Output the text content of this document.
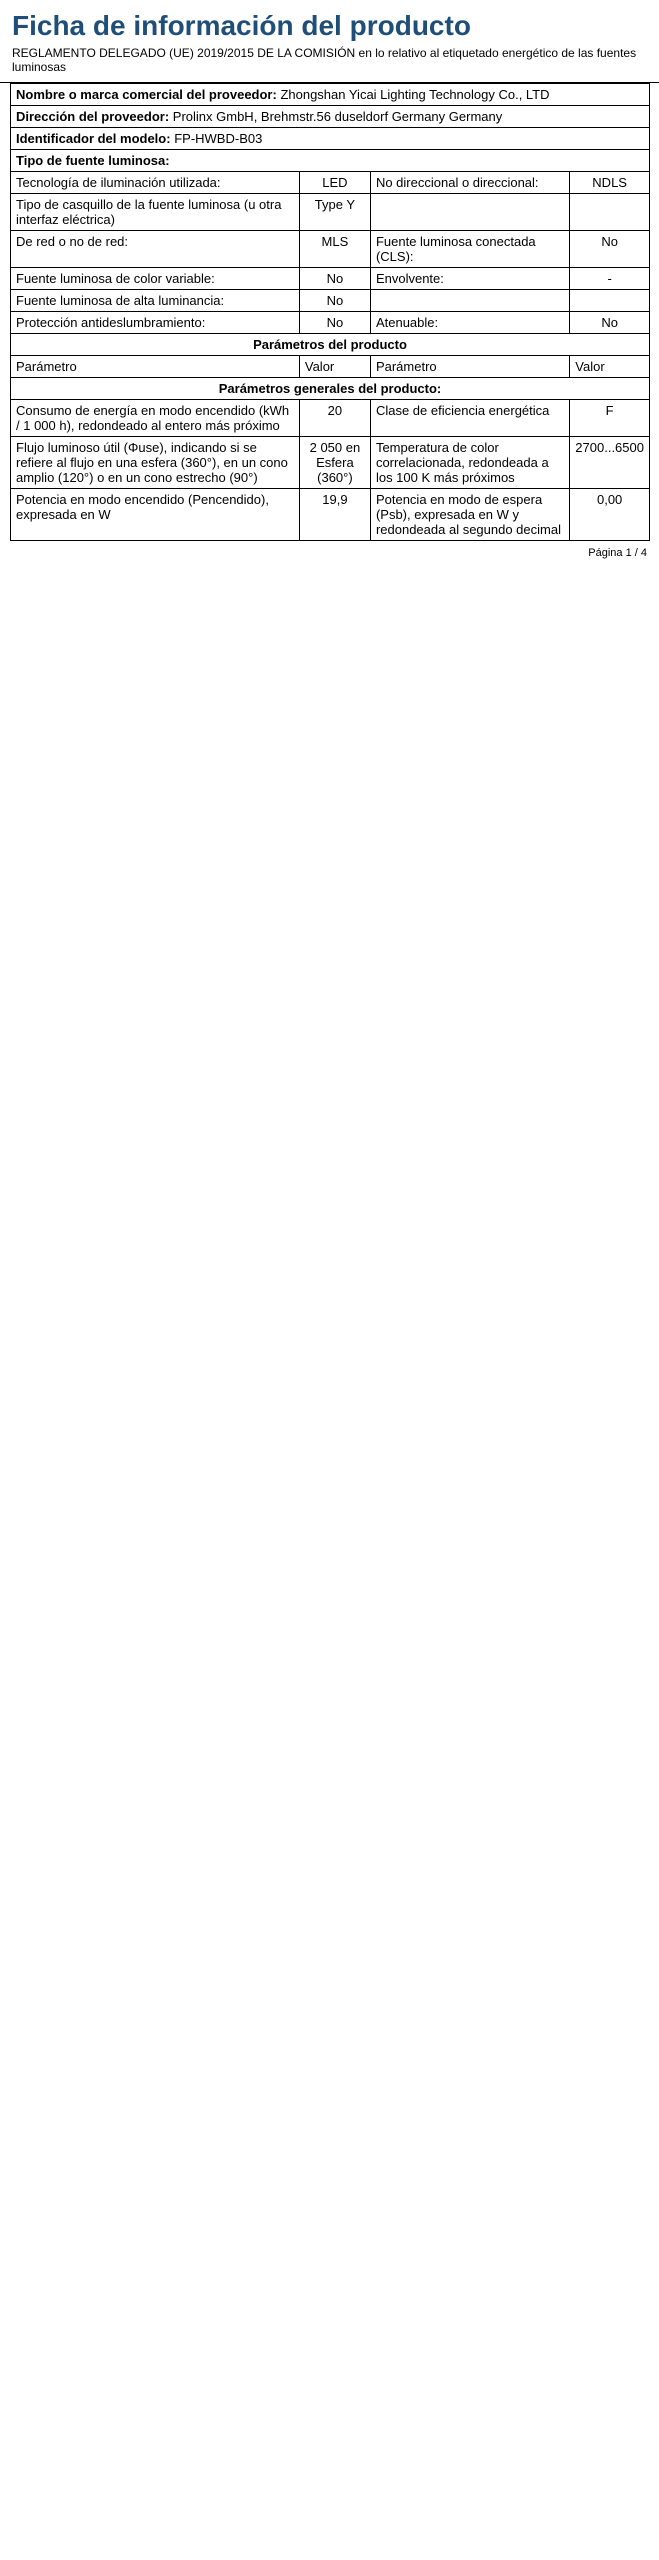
Ficha de información del producto
REGLAMENTO DELEGADO (UE) 2019/2015 DE LA COMISIÓN en lo relativo al etiquetado energético de las fuentes luminosas
Nombre o marca comercial del proveedor: Zhongshan Yicai Lighting Technology Co., LTD			
Dirección del proveedor: Prolinx GmbH, Brehmstr.56 duseldorf Germany Germany			
Identificador del modelo: FP-HWBD-B03			
Tipo de fuente luminosa:			
Tecnología de iluminación utilizada:	LED	No direccional o direccional:	NDLS
Tipo de casquillo de la fuente luminosa (u otra interfaz eléctrica)	Type Y		
De red o no de red:	MLS	Fuente luminosa conectada (CLS):	No
Fuente luminosa de color variable:	No	Envolvente:	-
Fuente luminosa de alta luminancia:	No		
Protección antideslumbramiento:	No	Atenuable:	No
Parámetros del producto			
Parámetro	Valor	Parámetro	Valor
Parámetros generales del producto:			
Consumo de energía en modo encendido (kWh / 1 000 h), redondeado al entero más próximo	20	Clase de eficiencia energética	F
Flujo luminoso útil (Φuse), indicando si se refiere al flujo en una esfera (360°), en un cono amplio (120°) o en un cono estrecho (90°)	2 050 en Esfera (360°)	Temperatura de color correlacionada, redondeada a los 100 K más próximos	2700...6500
Potencia en modo encendido (Pencendido), expresada en W	19,9	Potencia en modo de espera (Psb), expresada en W y redondeada al segundo decimal	0,00
Página 1 / 4
